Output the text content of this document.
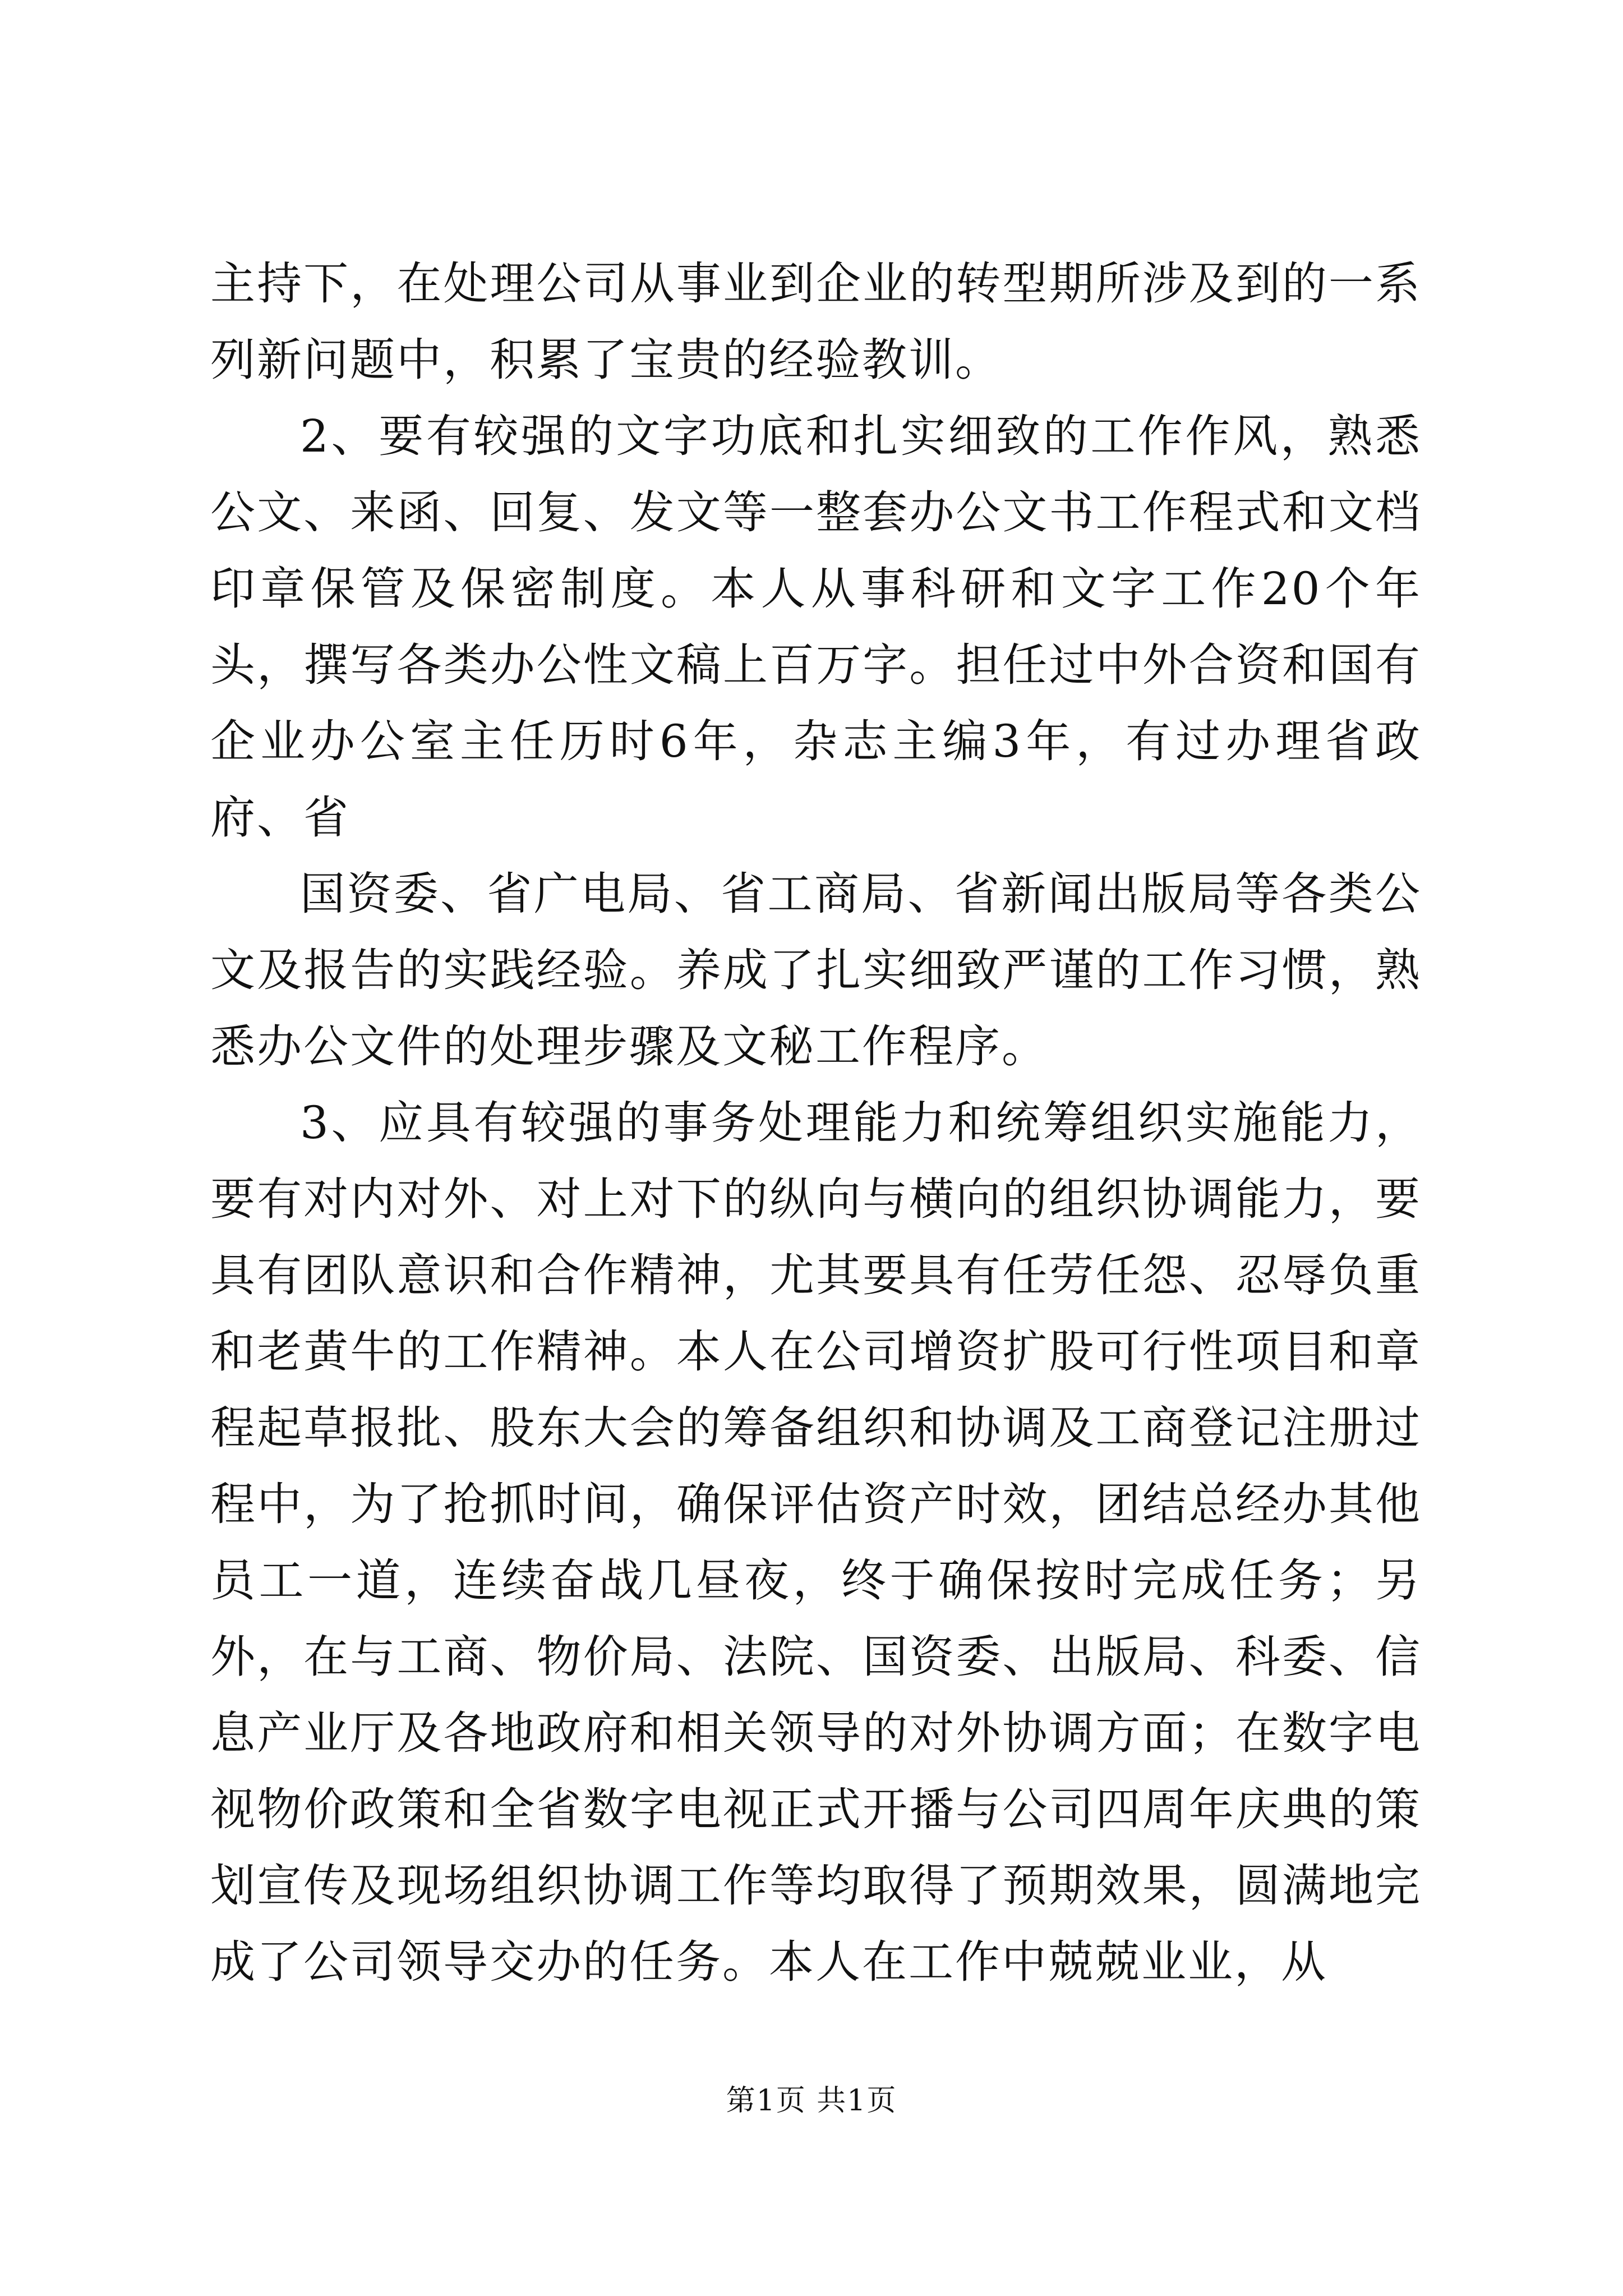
主持下，在处理公司从事业到企业的转型期所涉及到的一系列新问题中，积累了宝贵的经验教训。

2、要有较强的文字功底和扎实细致的工作作风，熟悉公文、来函、回复、发文等一整套办公文书工作程式和文档印章保管及保密制度。本人从事科研和文字工作20个年头，撰写各类办公性文稿上百万字。担任过中外合资和国有企业办公室主任历时6年，杂志主编3年，有过办理省政府、省

国资委、省广电局、省工商局、省新闻出版局等各类公文及报告的实践经验。养成了扎实细致严谨的工作习惯，熟悉办公文件的处理步骤及文秘工作程序。

3、应具有较强的事务处理能力和统筹组织实施能力，要有对内对外、对上对下的纵向与横向的组织协调能力，要具有团队意识和合作精神，尤其要具有任劳任怨、忍辱负重和老黄牛的工作精神。本人在公司增资扩股可行性项目和章程起草报批、股东大会的筹备组织和协调及工商登记注册过程中，为了抢抓时间，确保评估资产时效，团结总经办其他员工一道，连续奋战几昼夜，终于确保按时完成任务；另外，在与工商、物价局、法院、国资委、出版局、科委、信息产业厅及各地政府和相关领导的对外协调方面；在数字电视物价政策和全省数字电视正式开播与公司四周年庆典的策划宣传及现场组织协调工作等均取得了预期效果，圆满地完成了公司领导交办的任务。本人在工作中兢兢业业，从

第1页 共1页
